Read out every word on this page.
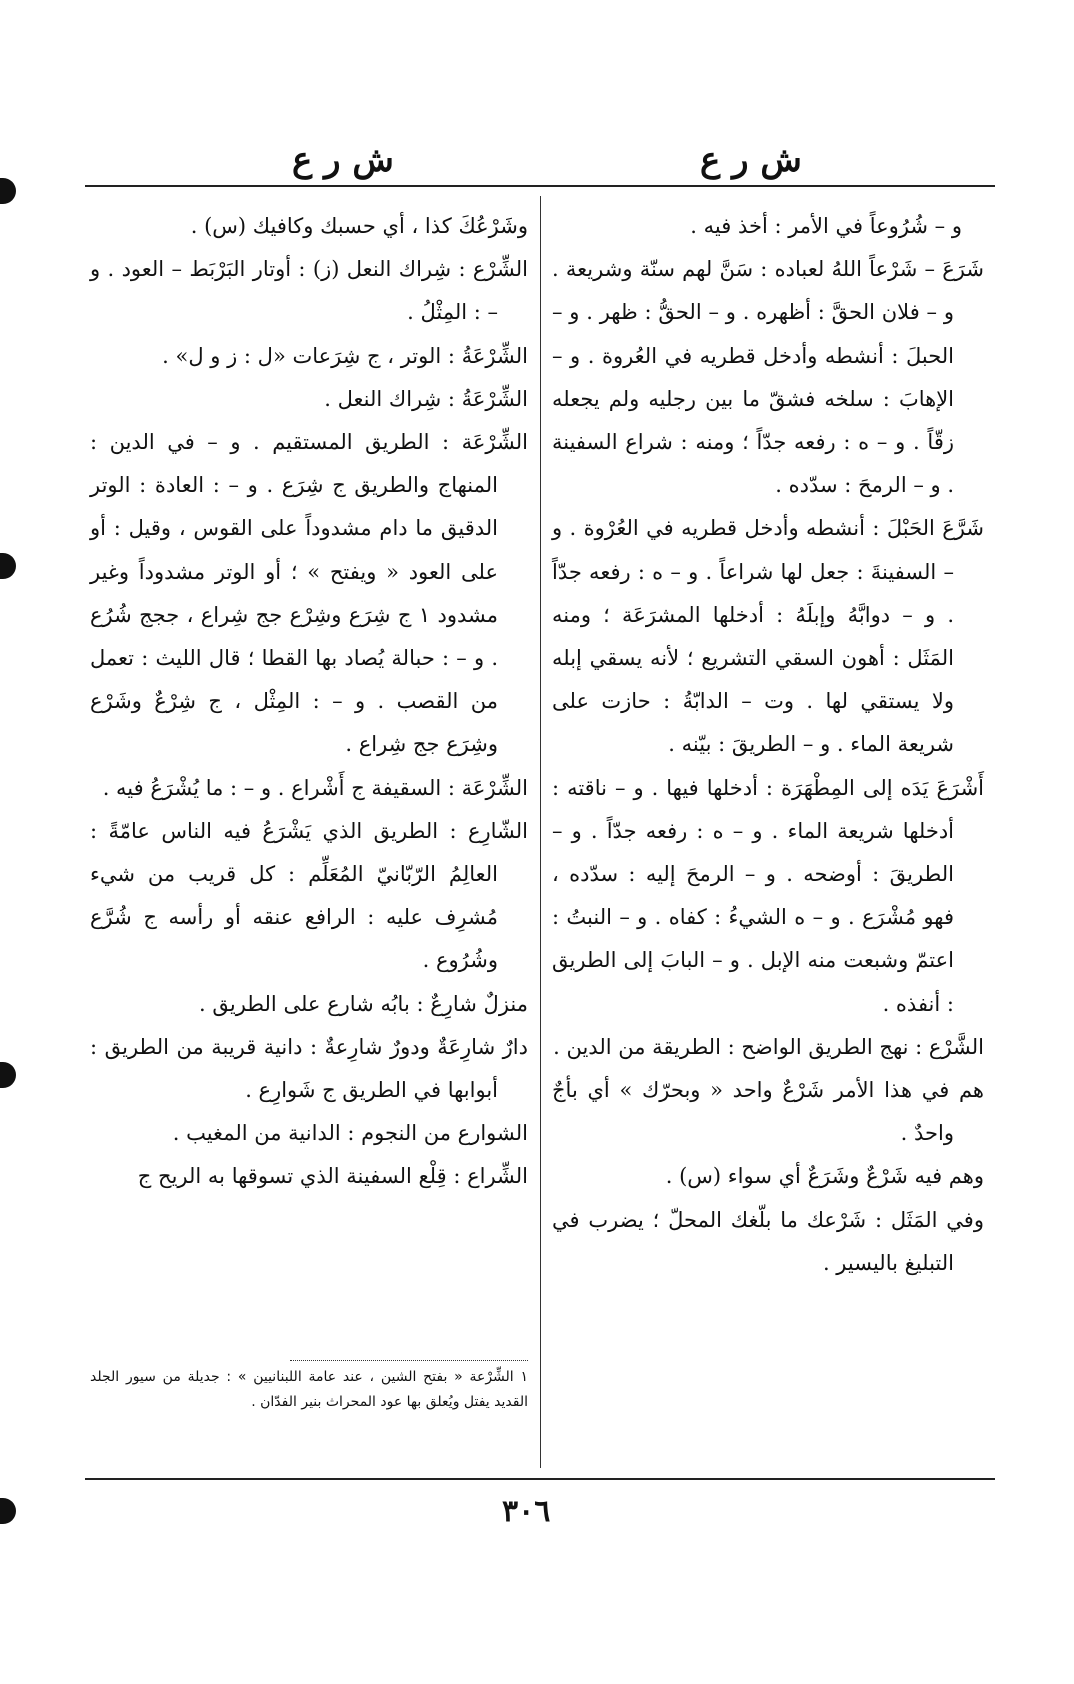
ش ر ع
ش ر ع

و – شُرُوعاً في الأمر : أخذ فيه .

شَرَعَ – شَرْعاً اللهُ لعباده : سَنَّ لهم سنّة وشريعة . و – فلان الحقَّ : أظهره . و – الحقُّ : ظهر . و – الحبلَ : أنشطه وأدخل قطريه في العُروة . و – الإهابَ : سلخه فشقّ ما بين رجليه ولم يجعله زقّاً . و – ه : رفعه جدّاً ؛ ومنه : شراع السفينة . و – الرمحَ : سدّده .

شَرَّعَ الحَبْلَ : أنشطه وأدخل قطريه في العُرْوة . و – السفينةَ : جعل لها شراعاً . و – ه : رفعه جدّاً . و – دوابَّهُ وإبلَهُ : أدخلها المشرَعَة ؛ ومنه المَثَل : أهون السقي التشريع ؛ لأنه يسقي إبله ولا يستقي لها . وت – الدابّةُ : حازت على شريعة الماء . و – الطريقَ : بيّنه .

أَشْرَعَ يَدَه إلى المِطْهَرَة : أدخلها فيها . و – ناقته : أدخلها شريعة الماء . و – ه : رفعه جدّاً . و – الطريقَ : أوضحه . و – الرمحَ إليه : سدّده ، فهو مُشْرَع . و – ه الشيءُ : كفاه . و – النبتُ : اعتمّ وشبعت منه الإبل . و – البابَ إلى الطريق : أنفذه .

الشَّرْع : نهج الطريق الواضح : الطريقة من الدين .

هم في هذا الأمر شَرْعٌ واحد « وبحرّك » أي بأجٌ واحدٌ .

وهم فيه شَرْعٌ وشَرَعٌ أي سواء (س) .

وفي المَثَل : شَرْعك ما بلّغك المحلّ ؛ يضرب في التبليغ باليسير .

وشَرْعُكَ كذا ، أي حسبك وكافيك (س) .

الشِّرْع : شِراك النعل (ز) : أوتار البَرْبَط – العود . و – : المِثْلُ .

الشِّرْعَةُ : الوتر ، ج شِرَعات «ل : ز و ل» .

الشِّرْعَةُ : شِراك النعل .

الشِّرْعَة : الطريق المستقيم . و – في الدين : المنهاج والطريق ج شِرَع . و – : العادة : الوتر الدقيق ما دام مشدوداً على القوس ، وقيل : أو على العود « ويفتح » ؛ أو الوتر مشدوداً وغير مشدود ١ ج شِرَع وشِرْع جج شِراع ، ججج شُرُع . و – : حبالة يُصاد بها القطا ؛ قال الليث : تعمل من القصب . و – : المِثْل ، ج شِرْعٌ وشَرْع وشِرَع جج شِراع .

الشِّرْعَة : السقيفة ج أَشْراع . و – : ما يُشْرَعُ فيه .

الشّارِع : الطريق الذي يَشْرَعُ فيه الناس عامّةً : العالِمُ الرّبّانيّ المُعَلِّم : كل قريب من شيء مُشرِف عليه : الرافع عنقه أو رأسه ج شُرَّع وشُرُوع .

منزلٌ شارِعٌ : بابُه شارع على الطريق .

دارٌ شارِعَةٌ ودورٌ شارِعةٌ : دانية قريبة من الطريق : أبوابها في الطريق ج شَوارِع .

الشوارع من النجوم : الدانية من المغيب .

الشِّراع : قِلْع السفينة الذي تسوقها به الريح ج

١ الشِّرْعة « بفتح الشين ، عند عامة اللبنانيين » : جديلة من سيور الجلد القديد يفتل ويُعلق بها عود المحراث بنير الفدّان .

٣٠٦
